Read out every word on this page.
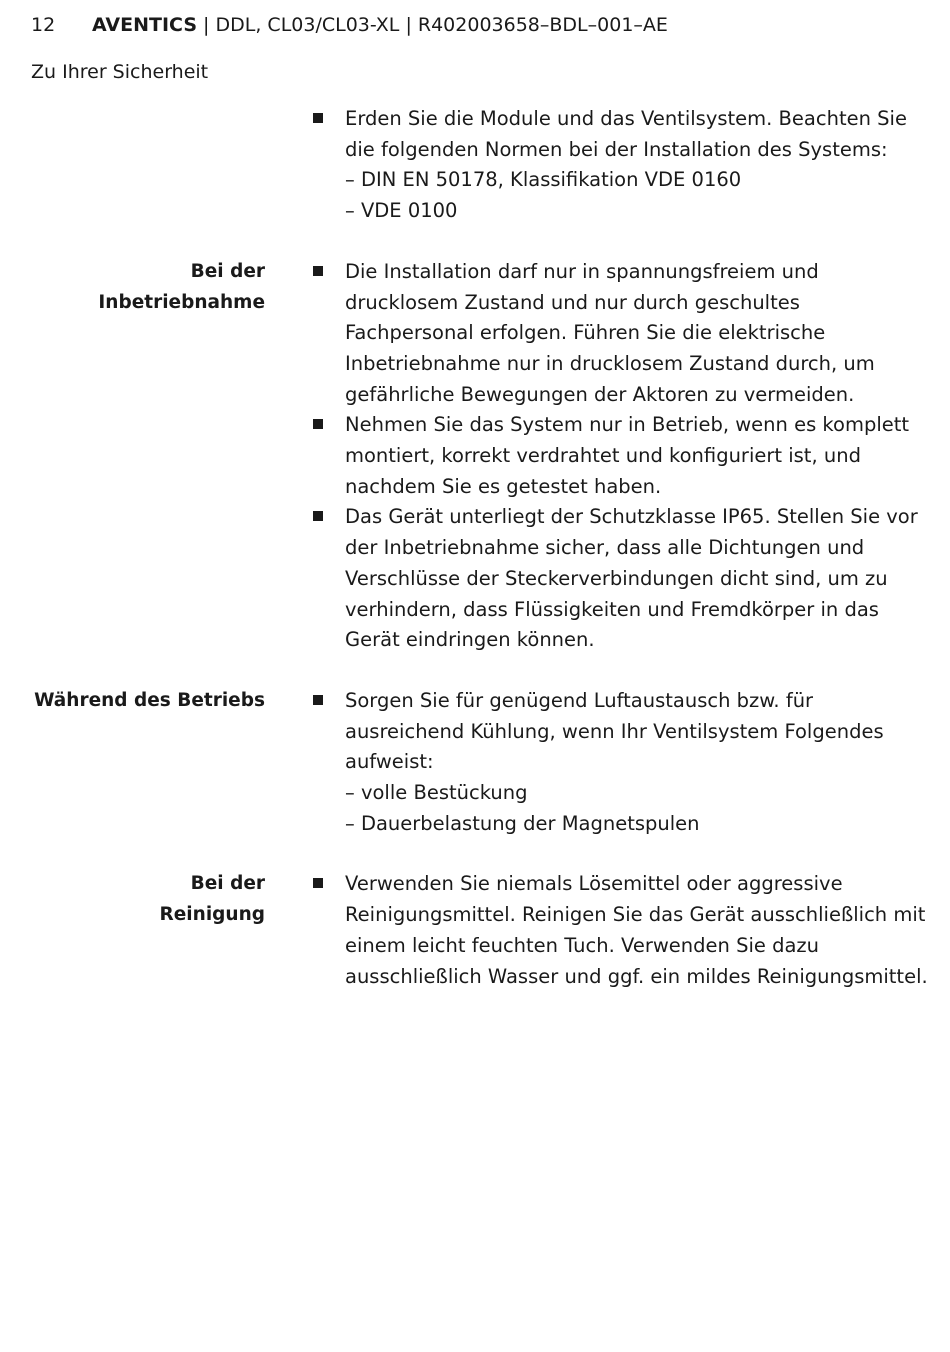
12 AVENTICS | DDL, CL03/CL03-XL | R402003658–BDL–001–AE
Zu Ihrer Sicherheit
Erden Sie die Module und das Ventilsystem. Beachten Sie
die folgenden Normen bei der Installation des Systems:
– DIN EN 50178, Klassifikation VDE 0160
– VDE 0100
Bei der Inbetriebnahme
Die Installation darf nur in spannungsfreiem und
drucklosem Zustand und nur durch geschultes
Fachpersonal erfolgen. Führen Sie die elektrische
Inbetriebnahme nur in drucklosem Zustand durch, um
gefährliche Bewegungen der Aktoren zu vermeiden.
Nehmen Sie das System nur in Betrieb, wenn es komplett
montiert, korrekt verdrahtet und konfiguriert ist, und
nachdem Sie es getestet haben.
Das Gerät unterliegt der Schutzklasse IP65. Stellen Sie vor
der Inbetriebnahme sicher, dass alle Dichtungen und
Verschlüsse der Steckerverbindungen dicht sind, um zu
verhindern, dass Flüssigkeiten und Fremdkörper in das
Gerät eindringen können.
Während des Betriebs	Sorgen Sie für genügend Luftaustausch bzw. für
ausreichend Kühlung, wenn Ihr Ventilsystem Folgendes
aufweist:
– volle Bestückung
– Dauerbelastung der Magnetspulen
Bei der
Reinigung
Verwenden Sie niemals Lösemittel oder aggressive
Reinigungsmittel. Reinigen Sie das Gerät ausschließlich mit
einem leicht feuchten Tuch. Verwenden Sie dazu
ausschließlich Wasser und ggf. ein mildes Reinigungsmittel.
